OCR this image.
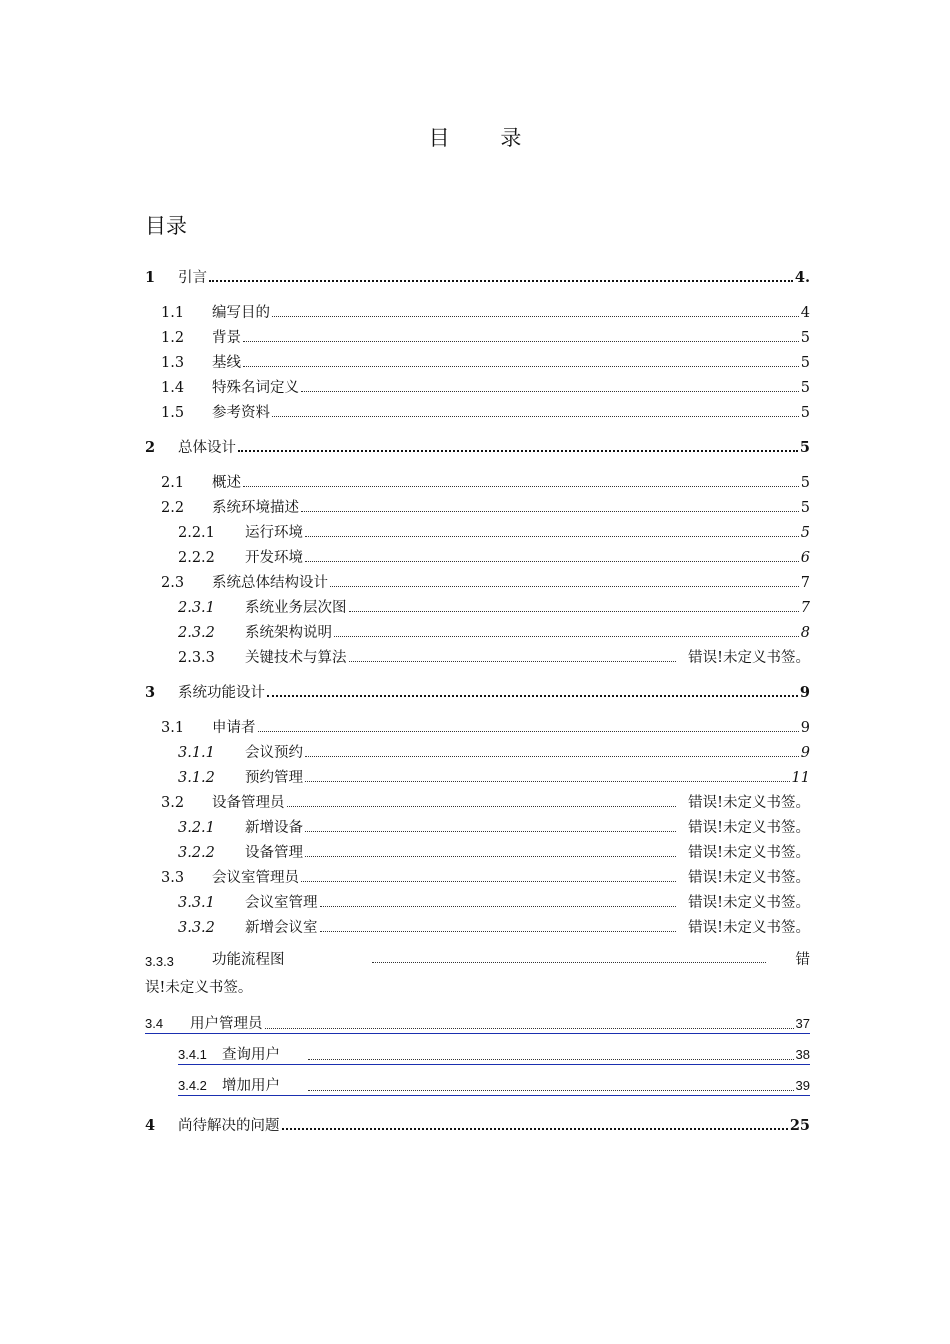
目 录
目录
1	引言	4.
1.1	编写目的	4
1.2	背景	5
1.3	基线	5
1.4	特殊名词定义	5
1.5	参考资料	5
2	总体设计	5
2.1	概述	5
2.2	系统环境描述	5
2.2.1	运行环境	5
2.2.2	开发环境	6
2.3	系统总体结构设计	7
2.3.1	系统业务层次图	7
2.3.2	系统架构说明	8
2.3.3	关键技术与算法	错误!未定义书签。
3	系统功能设计	9
3.1	申请者	9
3.1.1	会议预约	9
3.1.2	预约管理	11
3.2	设备管理员	错误!未定义书签。
3.2.1	新增设备	错误!未定义书签。
3.2.2	设备管理	错误!未定义书签。
3.3	会议室管理员	错误!未定义书签。
3.3.1	会议室管理	错误!未定义书签。
3.3.2	新增会议室	错误!未定义书签。
3.3.3	功能流程图	错
误!未定义书签。
3.4	用户管理员	37
3.4.1	查询用户	38
3.4.2	增加用户	39
4	尚待解决的问题	25
